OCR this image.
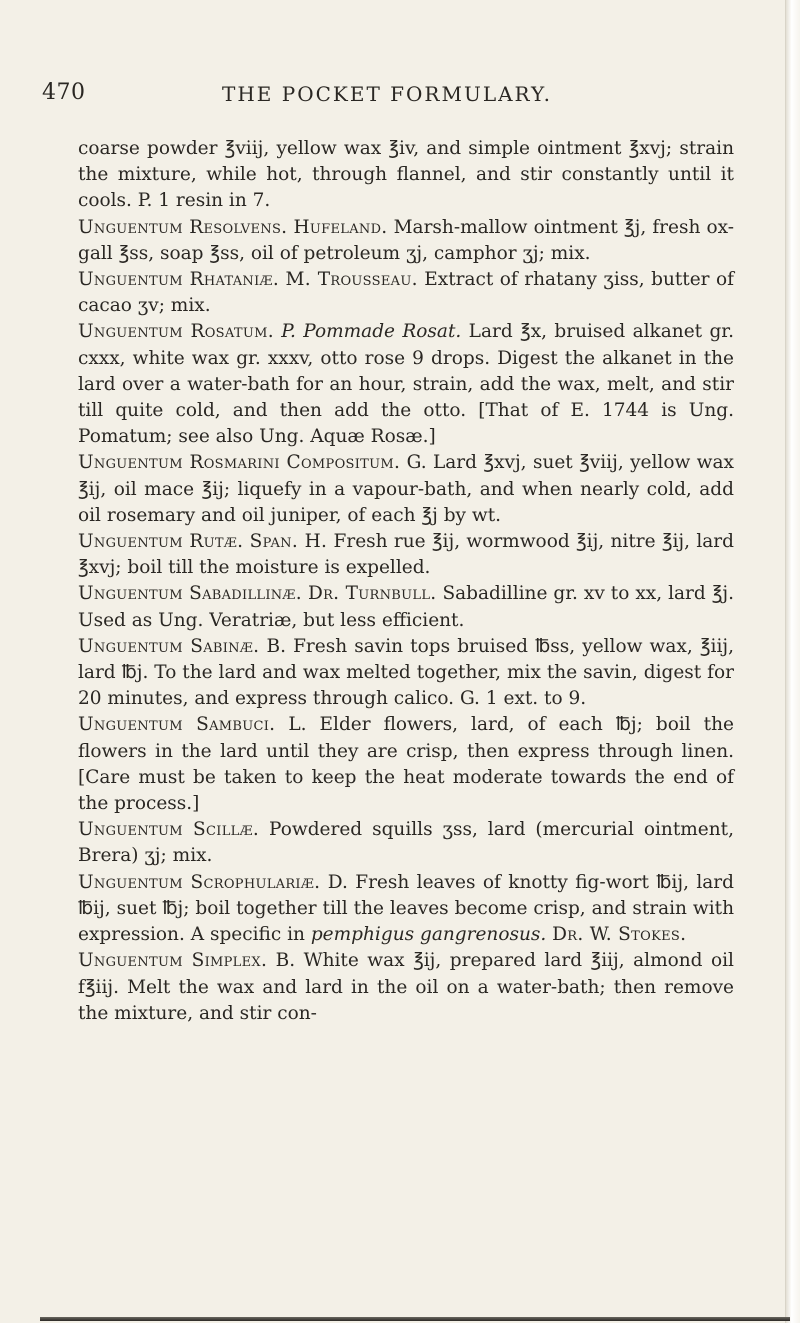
470	THE POCKET FORMULARY.

coarse powder ℥viij, yellow wax ℥iv, and simple ointment ℥xvj; strain the mixture, while hot, through flannel, and stir constantly until it cools. P. 1 resin in 7.

Unguentum Resolvens. Hufeland. Marsh-mallow ointment ℥j, fresh ox-gall ℥ss, soap ℥ss, oil of petroleum ʒj, camphor ʒj; mix.

Unguentum Rhataniæ. M. Trousseau. Extract of rhatany ʒiss, butter of cacao ʒv; mix.

Unguentum Rosatum. P. Pommade Rosat. Lard ℥x, bruised alkanet gr. cxxx, white wax gr. xxxv, otto rose 9 drops. Digest the alkanet in the lard over a water-bath for an hour, strain, add the wax, melt, and stir till quite cold, and then add the otto. [That of E. 1744 is Ung. Pomatum; see also Ung. Aquæ Rosæ.]

Unguentum Rosmarini Compositum. G. Lard ℥xvj, suet ℥viij, yellow wax ℥ij, oil mace ℥ij; liquefy in a vapour-bath, and when nearly cold, add oil rosemary and oil juniper, of each ℥j by wt.

Unguentum Rutæ. Span. H. Fresh rue ℥ij, wormwood ℥ij, nitre ℥ij, lard ℥xvj; boil till the moisture is expelled.

Unguentum Sabadillinæ. Dr. Turnbull. Sabadilline gr. xv to xx, lard ℥j. Used as Ung. Veratriæ, but less efficient.

Unguentum Sabinæ. B. Fresh savin tops bruised ℔ss, yellow wax, ℥iij, lard ℔j. To the lard and wax melted together, mix the savin, digest for 20 minutes, and express through calico. G. 1 ext. to 9.

Unguentum Sambuci. L. Elder flowers, lard, of each ℔j; boil the flowers in the lard until they are crisp, then express through linen. [Care must be taken to keep the heat moderate towards the end of the process.]

Unguentum Scillæ. Powdered squills ʒss, lard (mercurial ointment, Brera) ʒj; mix.

Unguentum Scrophulariæ. D. Fresh leaves of knotty fig-wort ℔ij, lard ℔ij, suet ℔j; boil together till the leaves become crisp, and strain with expression. A specific in pemphigus gangrenosus. Dr. W. Stokes.

Unguentum Simplex. B. White wax ℥ij, prepared lard ℥iij, almond oil f℥iij. Melt the wax and lard in the oil on a water-bath; then remove the mixture, and stir con-
